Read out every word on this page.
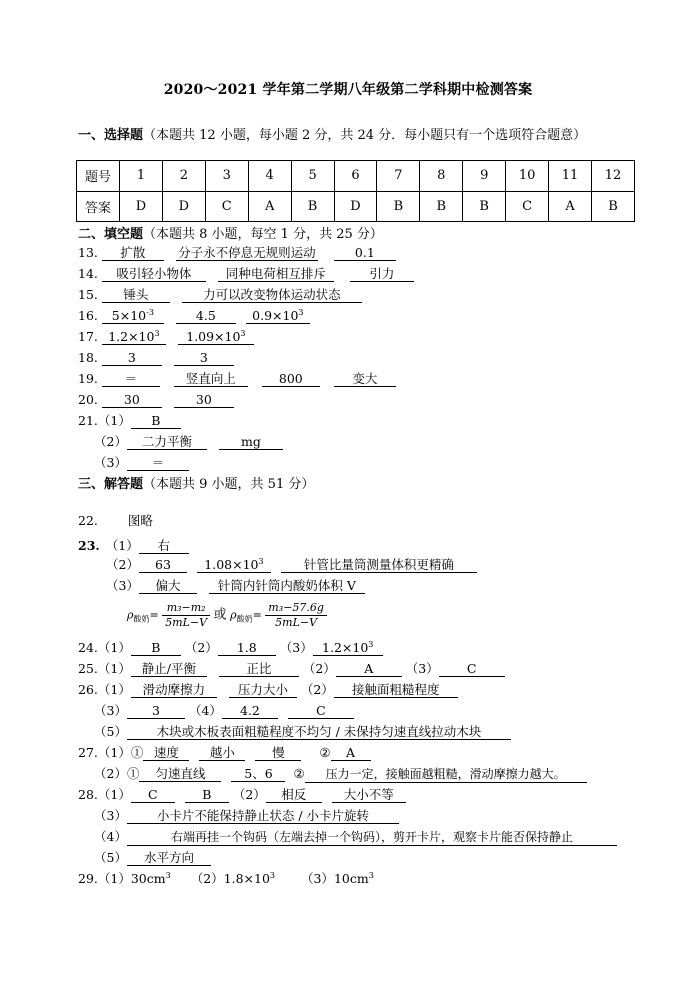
2020～2021 学年第二学期八年级第二学科期中检测答案
一、选择题（本题共 12 小题，每小题 2 分，共 24 分．每小题只有一个选项符合题意）
题号	1	2	3	4	5	6	7	8	9	10	11	12
答案	D	D	C	A	B	D	B	B	B	C	A	B
二、填空题（本题共 8 小题，每空 1 分，共 25 分）
13. 扩散	分子永不停息无规则运动	0.1
14. 吸引轻小物体	同种电荷相互排斥	引力
15. 锤头	力可以改变物体运动状态
16. $5\times 10^{-3}$	4.5	$0.9\times 10^3$
17. $1.2\times 10^3$ $1.09\times 10^3$
18. 3	3
19. ＝	竖直向上	800	变大
20. 30	30
21.（1） B
（2） 二力平衡	mg
（3） ＝
三、解答题（本题共 9 小题，共 51 分）
22. 图略
23. （1） 右
（2） 63	$1.08\times 10^3$	针管比量筒测量体积更精确
（3） 偏大	针筒内针筒内酸奶体积 V
$\rho_{酸奶}= \frac{\text{m₃−m₂}}{5mL-V}$ 或 $\rho_{酸奶}= \frac{\text{m₃−57.6g}}{5mL-V}$
24.（1） B （2） 1.8 （3） $1.2\times 10^3$
25.（1） 静止/平衡	正比	（2） A	（3） C
26.（1） 滑动摩擦力	压力大小 （2） 接触面粗糙程度
（3） 3 （4） 4.2	C
（5） 木块或木板表面粗糙程度不均匀 / 未保持匀速直线拉动木块
27.（1）① 速度 越小	慢	② A
（2）① 匀速直线	5、6 ② 压力一定，接触面越粗糙，滑动摩擦力越大。
28.（1） C	B （2） 相反	大小不等
（3） 小卡片不能保持静止状态 / 小卡片旋转
（4）	右端再挂一个钩码（左端去掉一个钩码），剪开卡片，观察卡片能否保持静止
（5） 水平方向
$29.(1)30cm^3$ $(2)1.8\times 10^3$ $(3)10cm^3$
